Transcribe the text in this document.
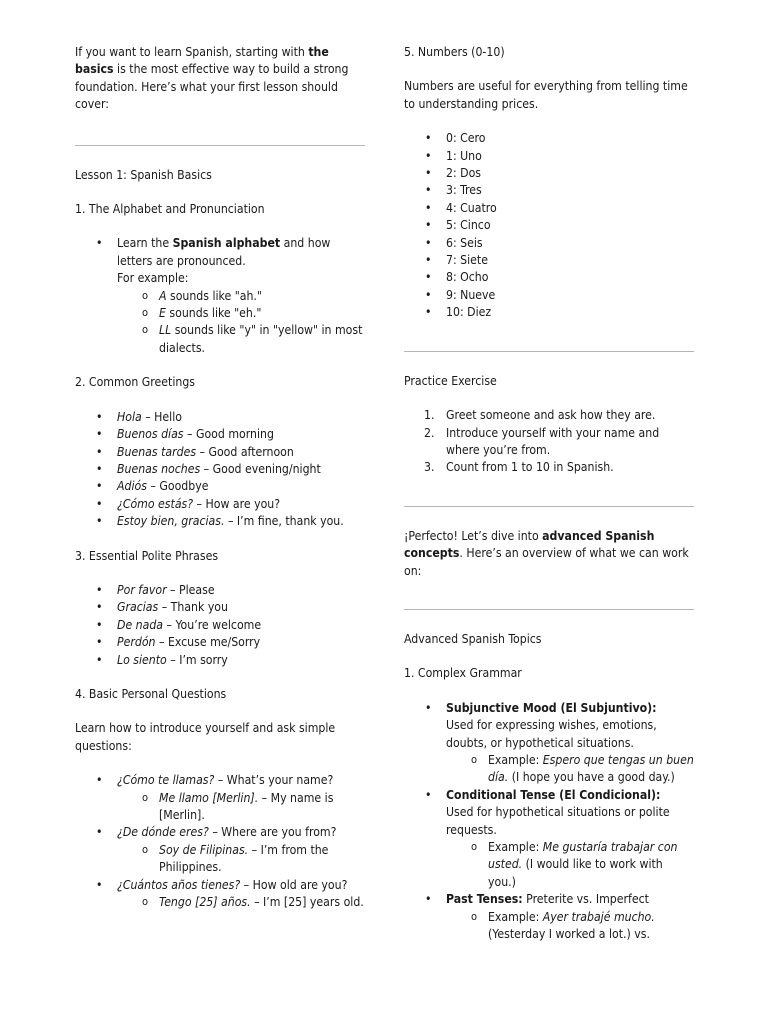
If you want to learn Spanish, starting with the basics is the most effective way to build a strong foundation. Here’s what your first lesson should cover:

Lesson 1: Spanish Basics

1. The Alphabet and Pronunciation

• Learn the Spanish alphabet and how letters are pronounced.
For example:
o A sounds like "ah."
o E sounds like "eh."
o LL sounds like "y" in "yellow" in most dialects.

2. Common Greetings

• Hola – Hello
• Buenos días – Good morning
• Buenas tardes – Good afternoon
• Buenas noches – Good evening/night
• Adiós – Goodbye
• ¿Cómo estás? – How are you?
• Estoy bien, gracias. – I’m fine, thank you.

3. Essential Polite Phrases

• Por favor – Please
• Gracias – Thank you
• De nada – You’re welcome
• Perdón – Excuse me/Sorry
• Lo siento – I’m sorry

4. Basic Personal Questions

Learn how to introduce yourself and ask simple questions:

• ¿Cómo te llamas? – What’s your name?
o Me llamo [Merlin]. – My name is [Merlin].
• ¿De dónde eres? – Where are you from?
o Soy de Filipinas. – I’m from the Philippines.
• ¿Cuántos años tienes? – How old are you?
o Tengo [25] años. – I’m [25] years old.

5. Numbers (0-10)

Numbers are useful for everything from telling time to understanding prices.

• 0: Cero
• 1: Uno
• 2: Dos
• 3: Tres
• 4: Cuatro
• 5: Cinco
• 6: Seis
• 7: Siete
• 8: Ocho
• 9: Nueve
• 10: Diez

Practice Exercise

1. Greet someone and ask how they are.
2. Introduce yourself with your name and where you’re from.
3. Count from 1 to 10 in Spanish.

¡Perfecto! Let’s dive into advanced Spanish concepts. Here’s an overview of what we can work on:

Advanced Spanish Topics

1. Complex Grammar

• Subjunctive Mood (El Subjuntivo):
Used for expressing wishes, emotions, doubts, or hypothetical situations.
o Example: Espero que tengas un buen día. (I hope you have a good day.)
• Conditional Tense (El Condicional):
Used for hypothetical situations or polite requests.
o Example: Me gustaría trabajar con usted. (I would like to work with you.)
• Past Tenses: Preterite vs. Imperfect
o Example: Ayer trabajé mucho. (Yesterday I worked a lot.) vs.
